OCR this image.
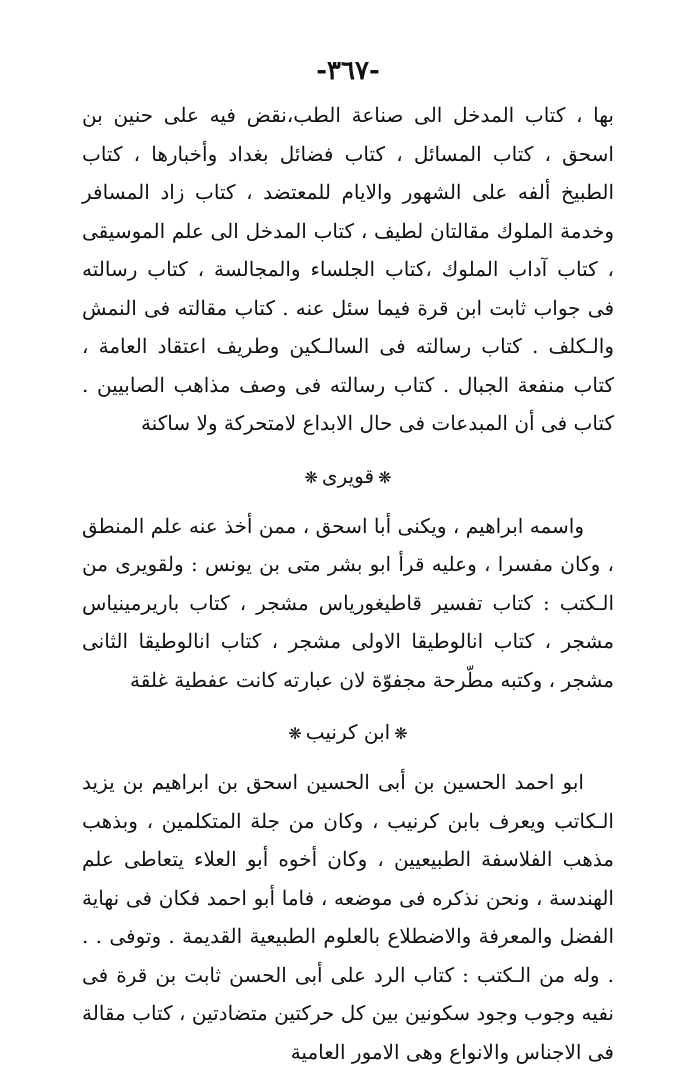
-٣٦٧-

بها ، كتاب المدخل الى صناعة الطب،نقض فيه على حنين بن اسحق ، كتاب المسائل ، كتاب فضائل بغداد وأخبارها ، كتاب الطبيخ ألفه على الشهور والايام للمعتضد ، كتاب زاد المسافر وخدمة الملوك مقالتان لطيف ، كتاب المدخل الى علم الموسيقى ، كتاب آداب الملوك ،كتاب الجلساء والمجالسة ، كتاب رسالته فى جواب ثابت ابن قرة فيما سئل عنه . كتاب مقالته فى النمش والـكلف . كتاب رسالته فى السالـكين وطريف اعتقاد العامة ، كتاب منفعة الجبال . كتاب رسالته فى وصف مذاهب الصابيين . كتاب فى أن المبدعات فى حال الابداع لامتحركة ولا ساكنة

❋قويرى❋

واسمه ابراهيم ، ويكنى أبا اسحق ، ممن أخذ عنه علم المنطق ، وكان مفسرا ، وعليه قرأ ابو بشر متى بن يونس : ولقويرى من الـكتب : كتاب تفسير قاطيغورياس مشجر ، كتاب باريرمينياس مشجر ، كتاب انالوطيقا الاولى مشجر ، كتاب انالوطيقا الثانى مشجر ، وكتبه مطّرحة مجفوّة لان عبارته كانت عفطية غلقة

❋ابن كرنيب❋

ابو احمد الحسين بن أبى الحسين اسحق بن ابراهيم بن يزيد الـكاتب ويعرف بابن كرنيب ، وكان من جلة المتكلمين ، وبذهب مذهب الفلاسفة الطبيعيين ، وكان أخوه أبو العلاء يتعاطى علم الهندسة ، ونحن نذكره فى موضعه ، فاما أبو احمد فكان فى نهاية الفضل والمعرفة والاضطلاع بالعلوم الطبيعية القديمة . وتوفى . . . وله من الـكتب : كتاب الرد على أبى الحسن ثابت بن قرة فى نفيه وجوب وجود سكونين بين كل حركتين متضادتين ، كتاب مقالة فى الاجناس والانواع وهى الامور العامية
